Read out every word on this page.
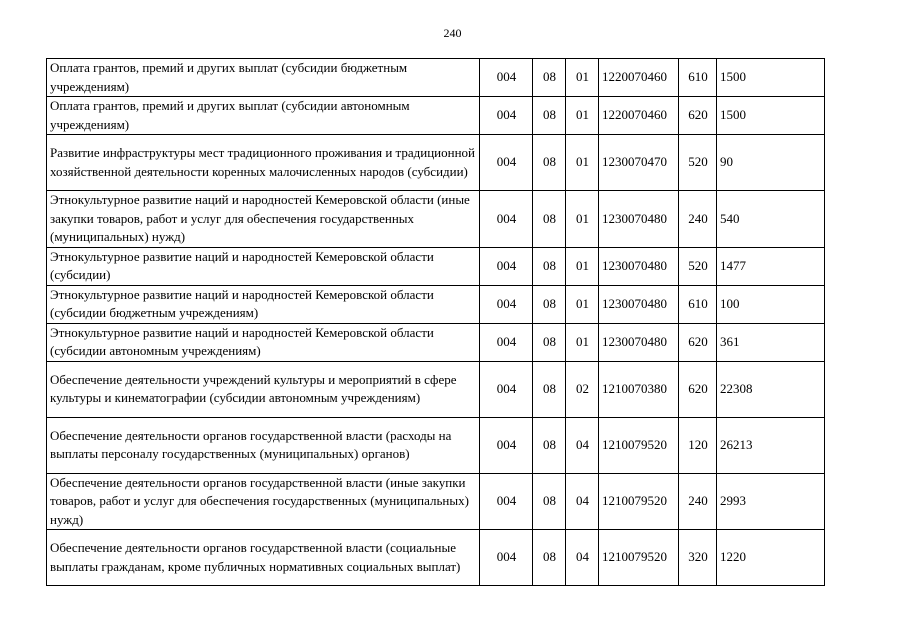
240
Оплата грантов, премий и других выплат (субсидии бюджетным учреждениям)	004	08	01	1220070460	610	1500

Оплата грантов, премий и других выплат (субсидии автономным учреждениям)	004	08	01	1220070460	620	1500

Развитие инфраструктуры мест традиционного проживания и традиционной хозяйственной деятельности коренных малочисленных народов (субсидии)	004	08	01	1230070470	520	90

Этнокультурное развитие наций и народностей Кемеровской области (иные закупки товаров, работ и услуг для обеспечения государственных (муниципальных) нужд)	004	08	01	1230070480	240	540

Этнокультурное развитие наций и народностей Кемеровской области (субсидии)	004	08	01	1230070480	520	1477

Этнокультурное развитие наций и народностей Кемеровской области (субсидии бюджетным учреждениям)	004	08	01	1230070480	610	100

Этнокультурное развитие наций и народностей Кемеровской области (субсидии автономным учреждениям)	004	08	01	1230070480	620	361

Обеспечение деятельности учреждений культуры и мероприятий в сфере культуры и кинематографии (субсидии автономным учреждениям)	004	08	02	1210070380	620	22308

Обеспечение деятельности органов государственной власти (расходы на выплаты персоналу государственных (муниципальных) органов)	004	08	04	1210079520	120	26213

Обеспечение деятельности органов государственной власти (иные закупки товаров, работ и услуг для обеспечения государственных (муниципальных) нужд)	004	08	04	1210079520	240	2993

Обеспечение деятельности органов государственной власти (социальные выплаты гражданам, кроме публичных нормативных социальных выплат)	004	08	04	1210079520	320	1220
